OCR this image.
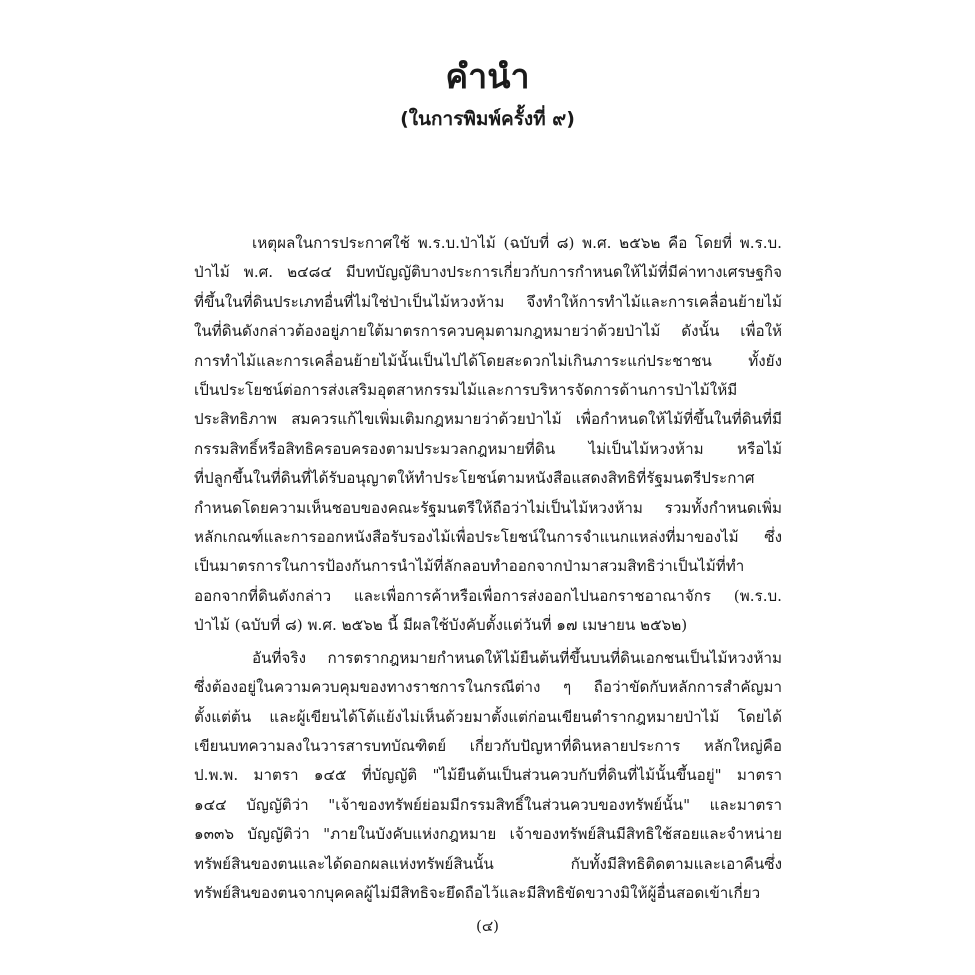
คำนำ
(ในการพิมพ์ครั้งที่ ๙)
เหตุผลในการประกาศใช้ พ.ร.บ.ป่าไม้ (ฉบับที่ ๘) พ.ศ. ๒๕๖๒ คือ โดยที่ พ.ร.บ.
ป่าไม้ พ.ศ. ๒๔๘๔ มีบทบัญญัติบางประการเกี่ยวกับการกำหนดให้ไม้ที่มีค่าทางเศรษฐกิจ
ที่ขึ้นในที่ดินประเภทอื่นที่ไม่ใช่ป่าเป็นไม้หวงห้าม จึงทำให้การทำไม้และการเคลื่อนย้ายไม้
ในที่ดินดังกล่าวต้องอยู่ภายใต้มาตรการควบคุมตามกฎหมายว่าด้วยป่าไม้ ดังนั้น เพื่อให้
การทำไม้และการเคลื่อนย้ายไม้นั้นเป็นไปได้โดยสะดวกไม่เกินภาระแก่ประชาชน ทั้งยัง
เป็นประโยชน์ต่อการส่งเสริมอุตสาหกรรมไม้และการบริหารจัดการด้านการป่าไม้ให้มี
ประสิทธิภาพ สมควรแก้ไขเพิ่มเติมกฎหมายว่าด้วยป่าไม้ เพื่อกำหนดให้ไม้ที่ขึ้นในที่ดินที่มี
กรรมสิทธิ์หรือสิทธิครอบครองตามประมวลกฎหมายที่ดิน ไม่เป็นไม้หวงห้าม หรือไม้
ที่ปลูกขึ้นในที่ดินที่ได้รับอนุญาตให้ทำประโยชน์ตามหนังสือแสดงสิทธิที่รัฐมนตรีประกาศ
กำหนดโดยความเห็นชอบของคณะรัฐมนตรีให้ถือว่าไม่เป็นไม้หวงห้าม รวมทั้งกำหนดเพิ่ม
หลักเกณฑ์และการออกหนังสือรับรองไม้เพื่อประโยชน์ในการจำแนกแหล่งที่มาของไม้ ซึ่ง
เป็นมาตรการในการป้องกันการนำไม้ที่ลักลอบทำออกจากป่ามาสวมสิทธิว่าเป็นไม้ที่ทำ
ออกจากที่ดินดังกล่าว และเพื่อการค้าหรือเพื่อการส่งออกไปนอกราชอาณาจักร (พ.ร.บ.
ป่าไม้ (ฉบับที่ ๘) พ.ศ. ๒๕๖๒ นี้ มีผลใช้บังคับตั้งแต่วันที่ ๑๗ เมษายน ๒๕๖๒)
อันที่จริง การตรากฎหมายกำหนดให้ไม้ยืนต้นที่ขึ้นบนที่ดินเอกชนเป็นไม้หวงห้าม
ซึ่งต้องอยู่ในความควบคุมของทางราชการในกรณีต่าง ๆ ถือว่าขัดกับหลักการสำคัญมา
ตั้งแต่ต้น และผู้เขียนได้โต้แย้งไม่เห็นด้วยมาตั้งแต่ก่อนเขียนตำรากฎหมายป่าไม้ โดยได้
เขียนบทความลงในวารสารบทบัณฑิตย์ เกี่ยวกับปัญหาที่ดินหลายประการ หลักใหญ่คือ
ป.พ.พ. มาตรา ๑๔๕ ที่บัญญัติ "ไม้ยืนต้นเป็นส่วนควบกับที่ดินที่ไม้นั้นขึ้นอยู่" มาตรา
๑๔๔ บัญญัติว่า "เจ้าของทรัพย์ย่อมมีกรรมสิทธิ์ในส่วนควบของทรัพย์นั้น" และมาตรา
๑๓๓๖ บัญญัติว่า "ภายในบังคับแห่งกฎหมาย เจ้าของทรัพย์สินมีสิทธิใช้สอยและจำหน่าย
ทรัพย์สินของตนและได้ดอกผลแห่งทรัพย์สินนั้น กับทั้งมีสิทธิติดตามและเอาคืนซึ่ง
ทรัพย์สินของตนจากบุคคลผู้ไม่มีสิทธิจะยึดถือไว้และมีสิทธิขัดขวางมิให้ผู้อื่นสอดเข้าเกี่ยว
(๔)
